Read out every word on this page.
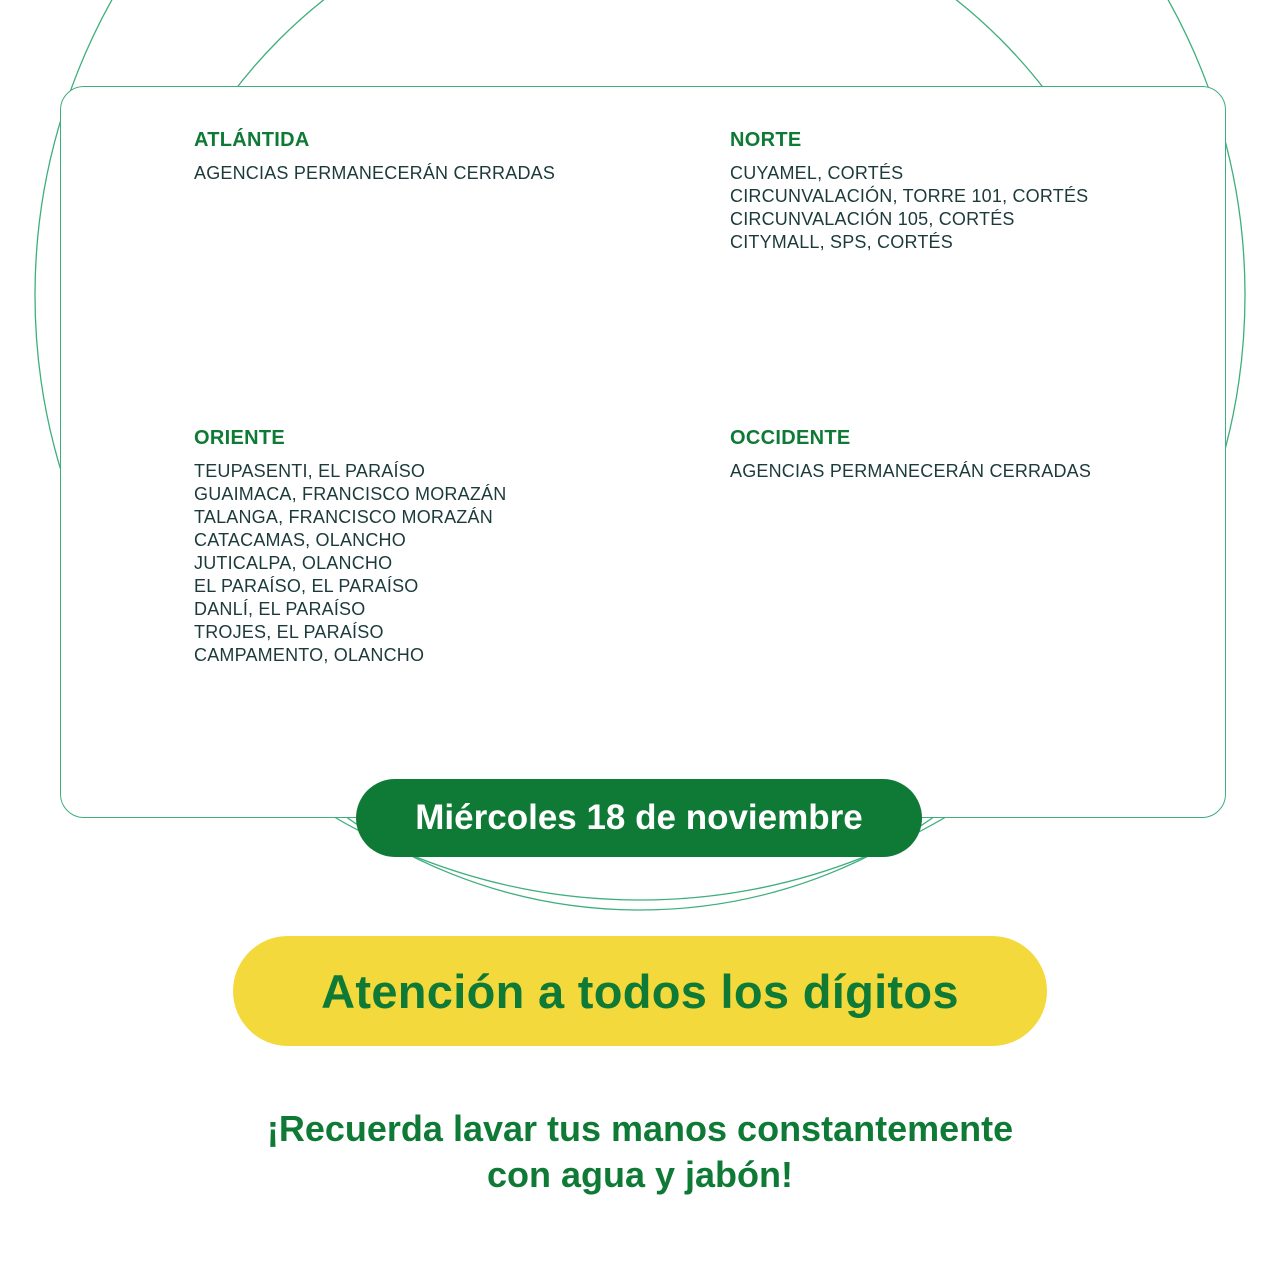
ATLÁNTIDA
AGENCIAS PERMANECERÁN CERRADAS
NORTE
CUYAMEL, CORTÉS
CIRCUNVALACIÓN, TORRE 101, CORTÉS
CIRCUNVALACIÓN 105, CORTÉS
CITYMALL, SPS, CORTÉS
ORIENTE
TEUPASENTI, EL PARAÍSO
GUAIMACA, FRANCISCO MORAZÁN
TALANGA, FRANCISCO MORAZÁN
CATACAMAS, OLANCHO
JUTICALPA, OLANCHO
EL PARAÍSO, EL PARAÍSO
DANLÍ, EL PARAÍSO
TROJES, EL PARAÍSO
CAMPAMENTO, OLANCHO
OCCIDENTE
AGENCIAS PERMANECERÁN CERRADAS
Miércoles 18 de noviembre
Atención a todos los dígitos
¡Recuerda lavar tus manos constantemente
con agua y jabón!
